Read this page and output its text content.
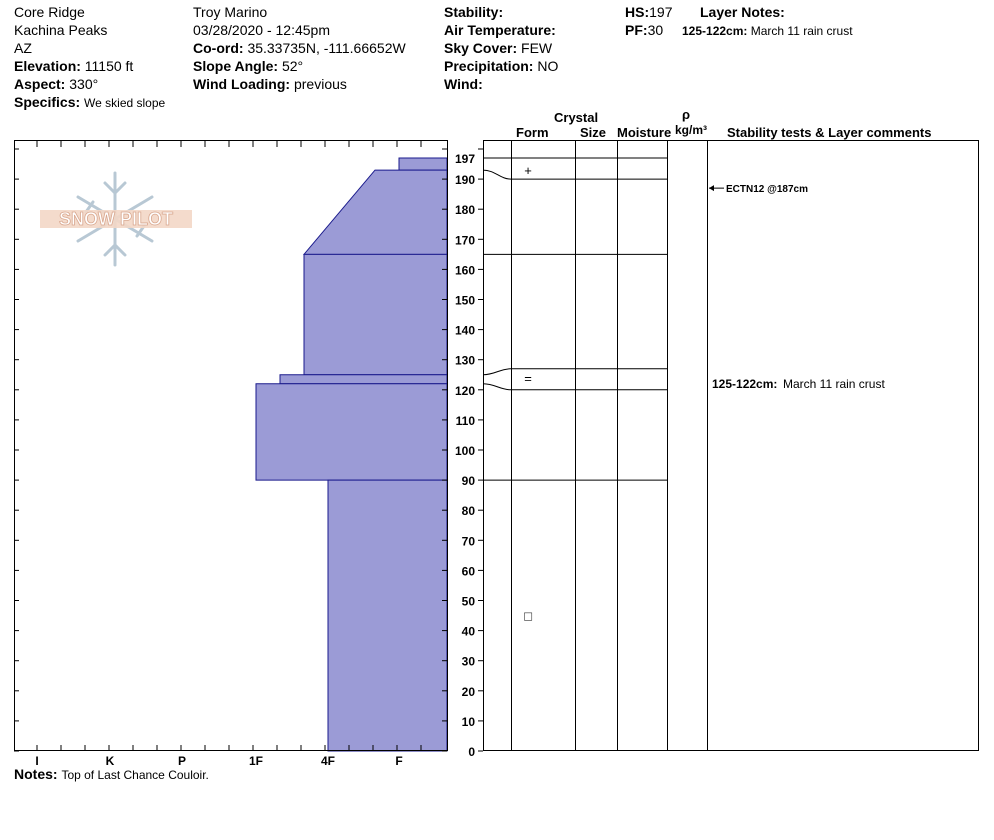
Core Ridge
Kachina Peaks
AZ
Elevation: 11150 ft
Aspect: 330°
Specifics: We skied slope
Troy Marino
03/28/2020 - 12:45pm
Co-ord: 35.33735N, -111.66652W
Slope Angle: 52°
Wind Loading: previous
Stability:
Air Temperature:
Sky Cover: FEW
Precipitation: NO
Wind:
HS:197
PF:30
Layer Notes:
125-122cm: March 11 rain crust
Crystal
Form Size Moisture
ρ
kg/m³ Stability tests & Layer comments
SNOW PILOT
0
10
20
30
40
50
60
70
80
90
100
110
120
130
140
150
160
170
180
190
197
I	K	P	1F	4F	F
+
=
□
ECTN12 @187cm
125-122cm: March 11 rain crust
Notes: Top of Last Chance Couloir.
